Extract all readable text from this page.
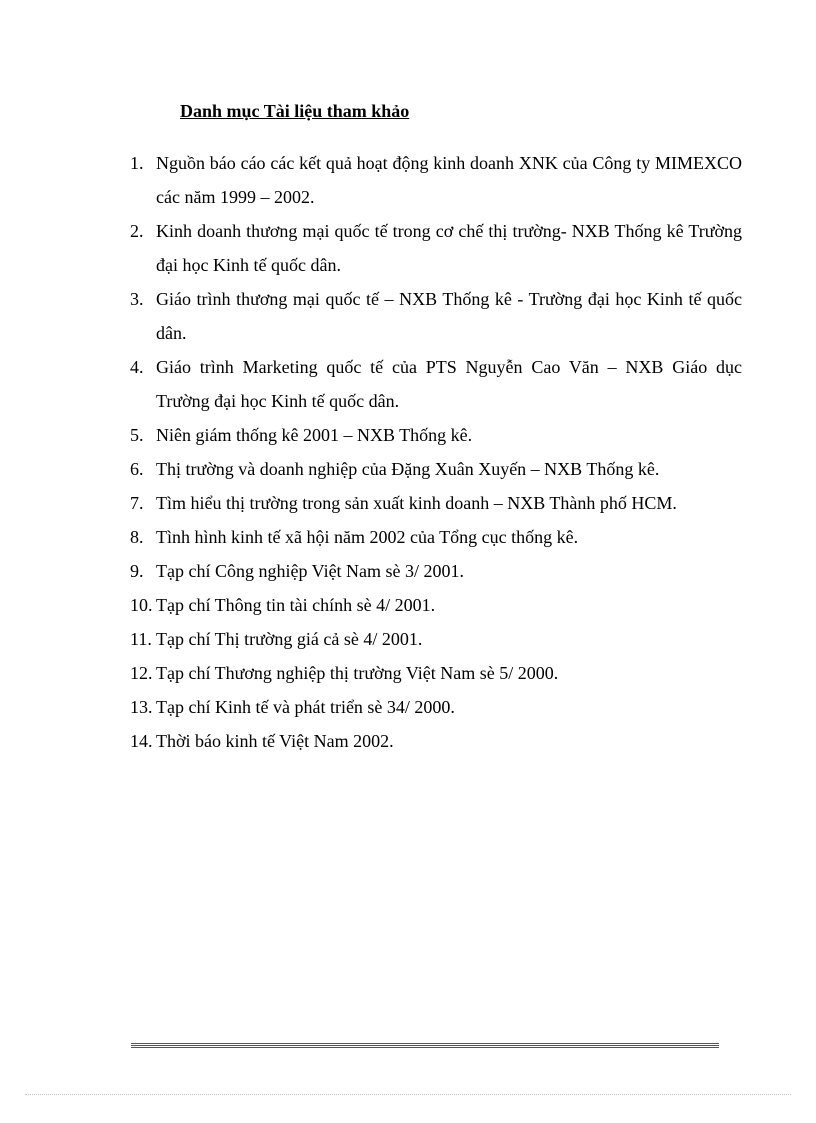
Danh mục Tài liệu tham khảo
1. Nguồn báo cáo các kết quả hoạt động kinh doanh XNK của Công ty MIMEXCO các năm 1999 – 2002.
2. Kinh doanh thương mại quốc tế trong cơ chế thị trường- NXB Thống kê Trường đại học Kinh tế quốc dân.
3. Giáo trình thương mại quốc tế – NXB Thống kê - Trường đại học Kinh tế quốc dân.
4. Giáo trình Marketing quốc tế của PTS Nguyễn Cao Văn – NXB Giáo dục Trường đại học Kinh tế quốc dân.
5. Niên giám thống kê 2001 – NXB Thống kê.
6. Thị trường và doanh nghiệp của Đặng Xuân Xuyến – NXB Thống kê.
7. Tìm hiểu thị trường trong sản xuất kinh doanh – NXB Thành phố HCM.
8. Tình hình kinh tế xã hội năm 2002 của Tổng cục thống kê.
9. Tạp chí Công nghiệp Việt Nam sè 3/ 2001.
10. Tạp chí Thông tin tài chính sè 4/ 2001.
11. Tạp chí Thị trường giá cả sè 4/ 2001.
12. Tạp chí Thương nghiệp thị trường Việt Nam sè 5/ 2000.
13. Tạp chí Kinh tế và phát triển sè 34/ 2000.
14. Thời báo kinh tế Việt Nam 2002.
